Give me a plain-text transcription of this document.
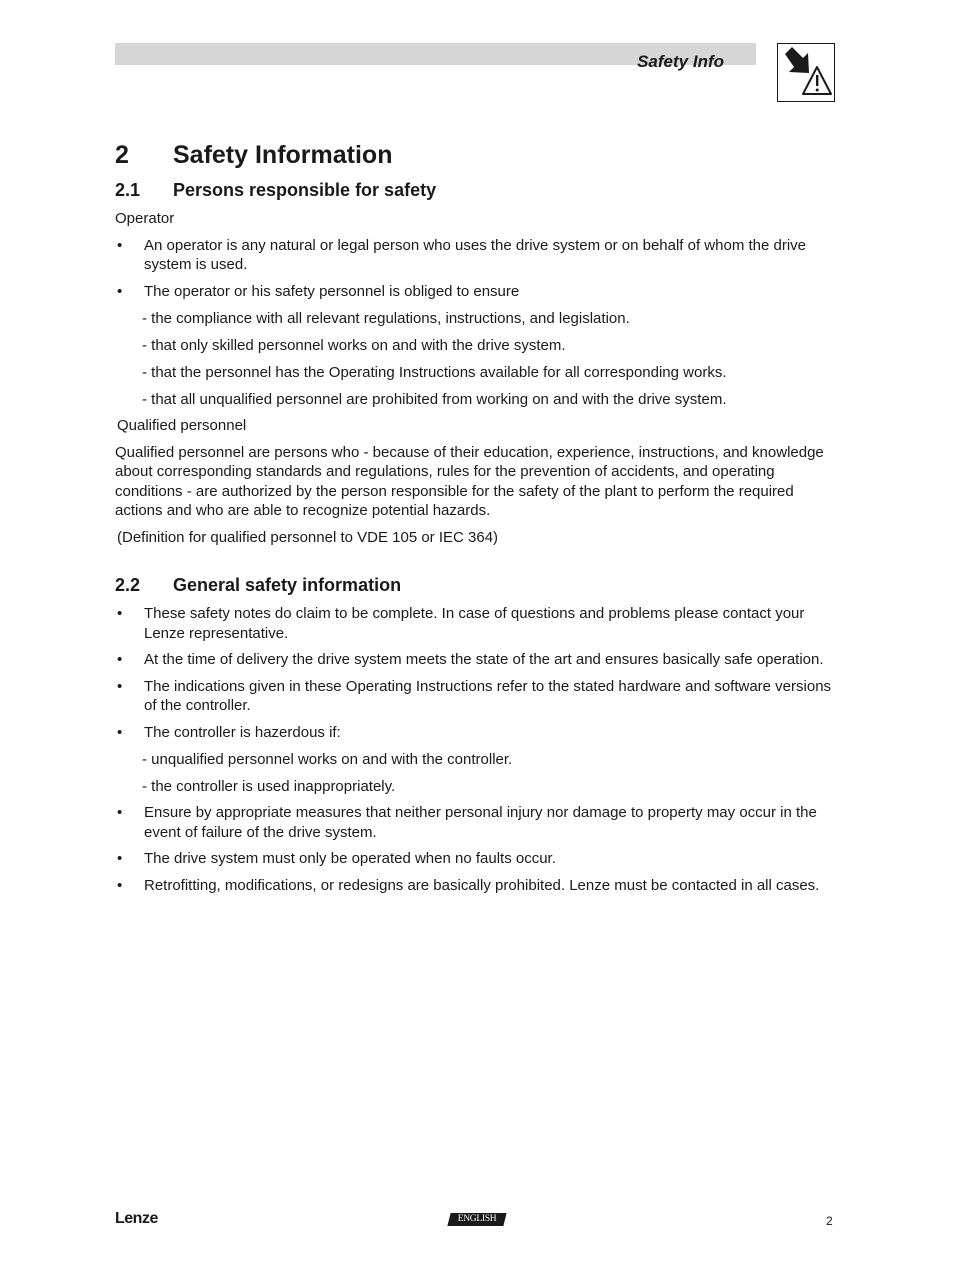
Safety Info
2 Safety Information
2.1 Persons responsible for safety

Operator

• An operator is any natural or legal person who uses the drive system or on behalf of whom the drive system is used.
• The operator or his safety personnel is obliged to ensure

- the compliance with all relevant regulations, instructions, and legislation.

- that only skilled personnel works on and with the drive system.

- that the personnel has the Operating Instructions available for all corresponding works.

- that all unqualified personnel are prohibited from working on and with the drive system.

Qualified personnel

Qualified personnel are persons who - because of their education, experience, instructions, and knowledge about corresponding standards and regulations, rules for the prevention of accidents, and operating conditions - are authorized by the person responsible for the safety of the plant to perform the required actions and who are able to recognize potential hazards.

(Definition for qualified personnel to VDE 105 or IEC 364)

2.2 General safety information
• These safety notes do claim to be complete. In case of questions and problems please contact your Lenze representative.
• At the time of delivery the drive system meets the state of the art and ensures basically safe operation.
• The indications given in these Operating Instructions refer to the stated hardware and software versions of the controller.
• The controller is hazerdous if:

- unqualified personnel works on and with the controller.

- the controller is used inappropriately.

• Ensure by appropriate measures that neither personal injury nor damage to property may occur in the event of failure of the drive system.
• The drive system must only be operated when no faults occur.
• Retrofitting, modifications, or redesigns are basically prohibited. Lenze must be contacted in all cases.
Lenze	ENGLISH	2
